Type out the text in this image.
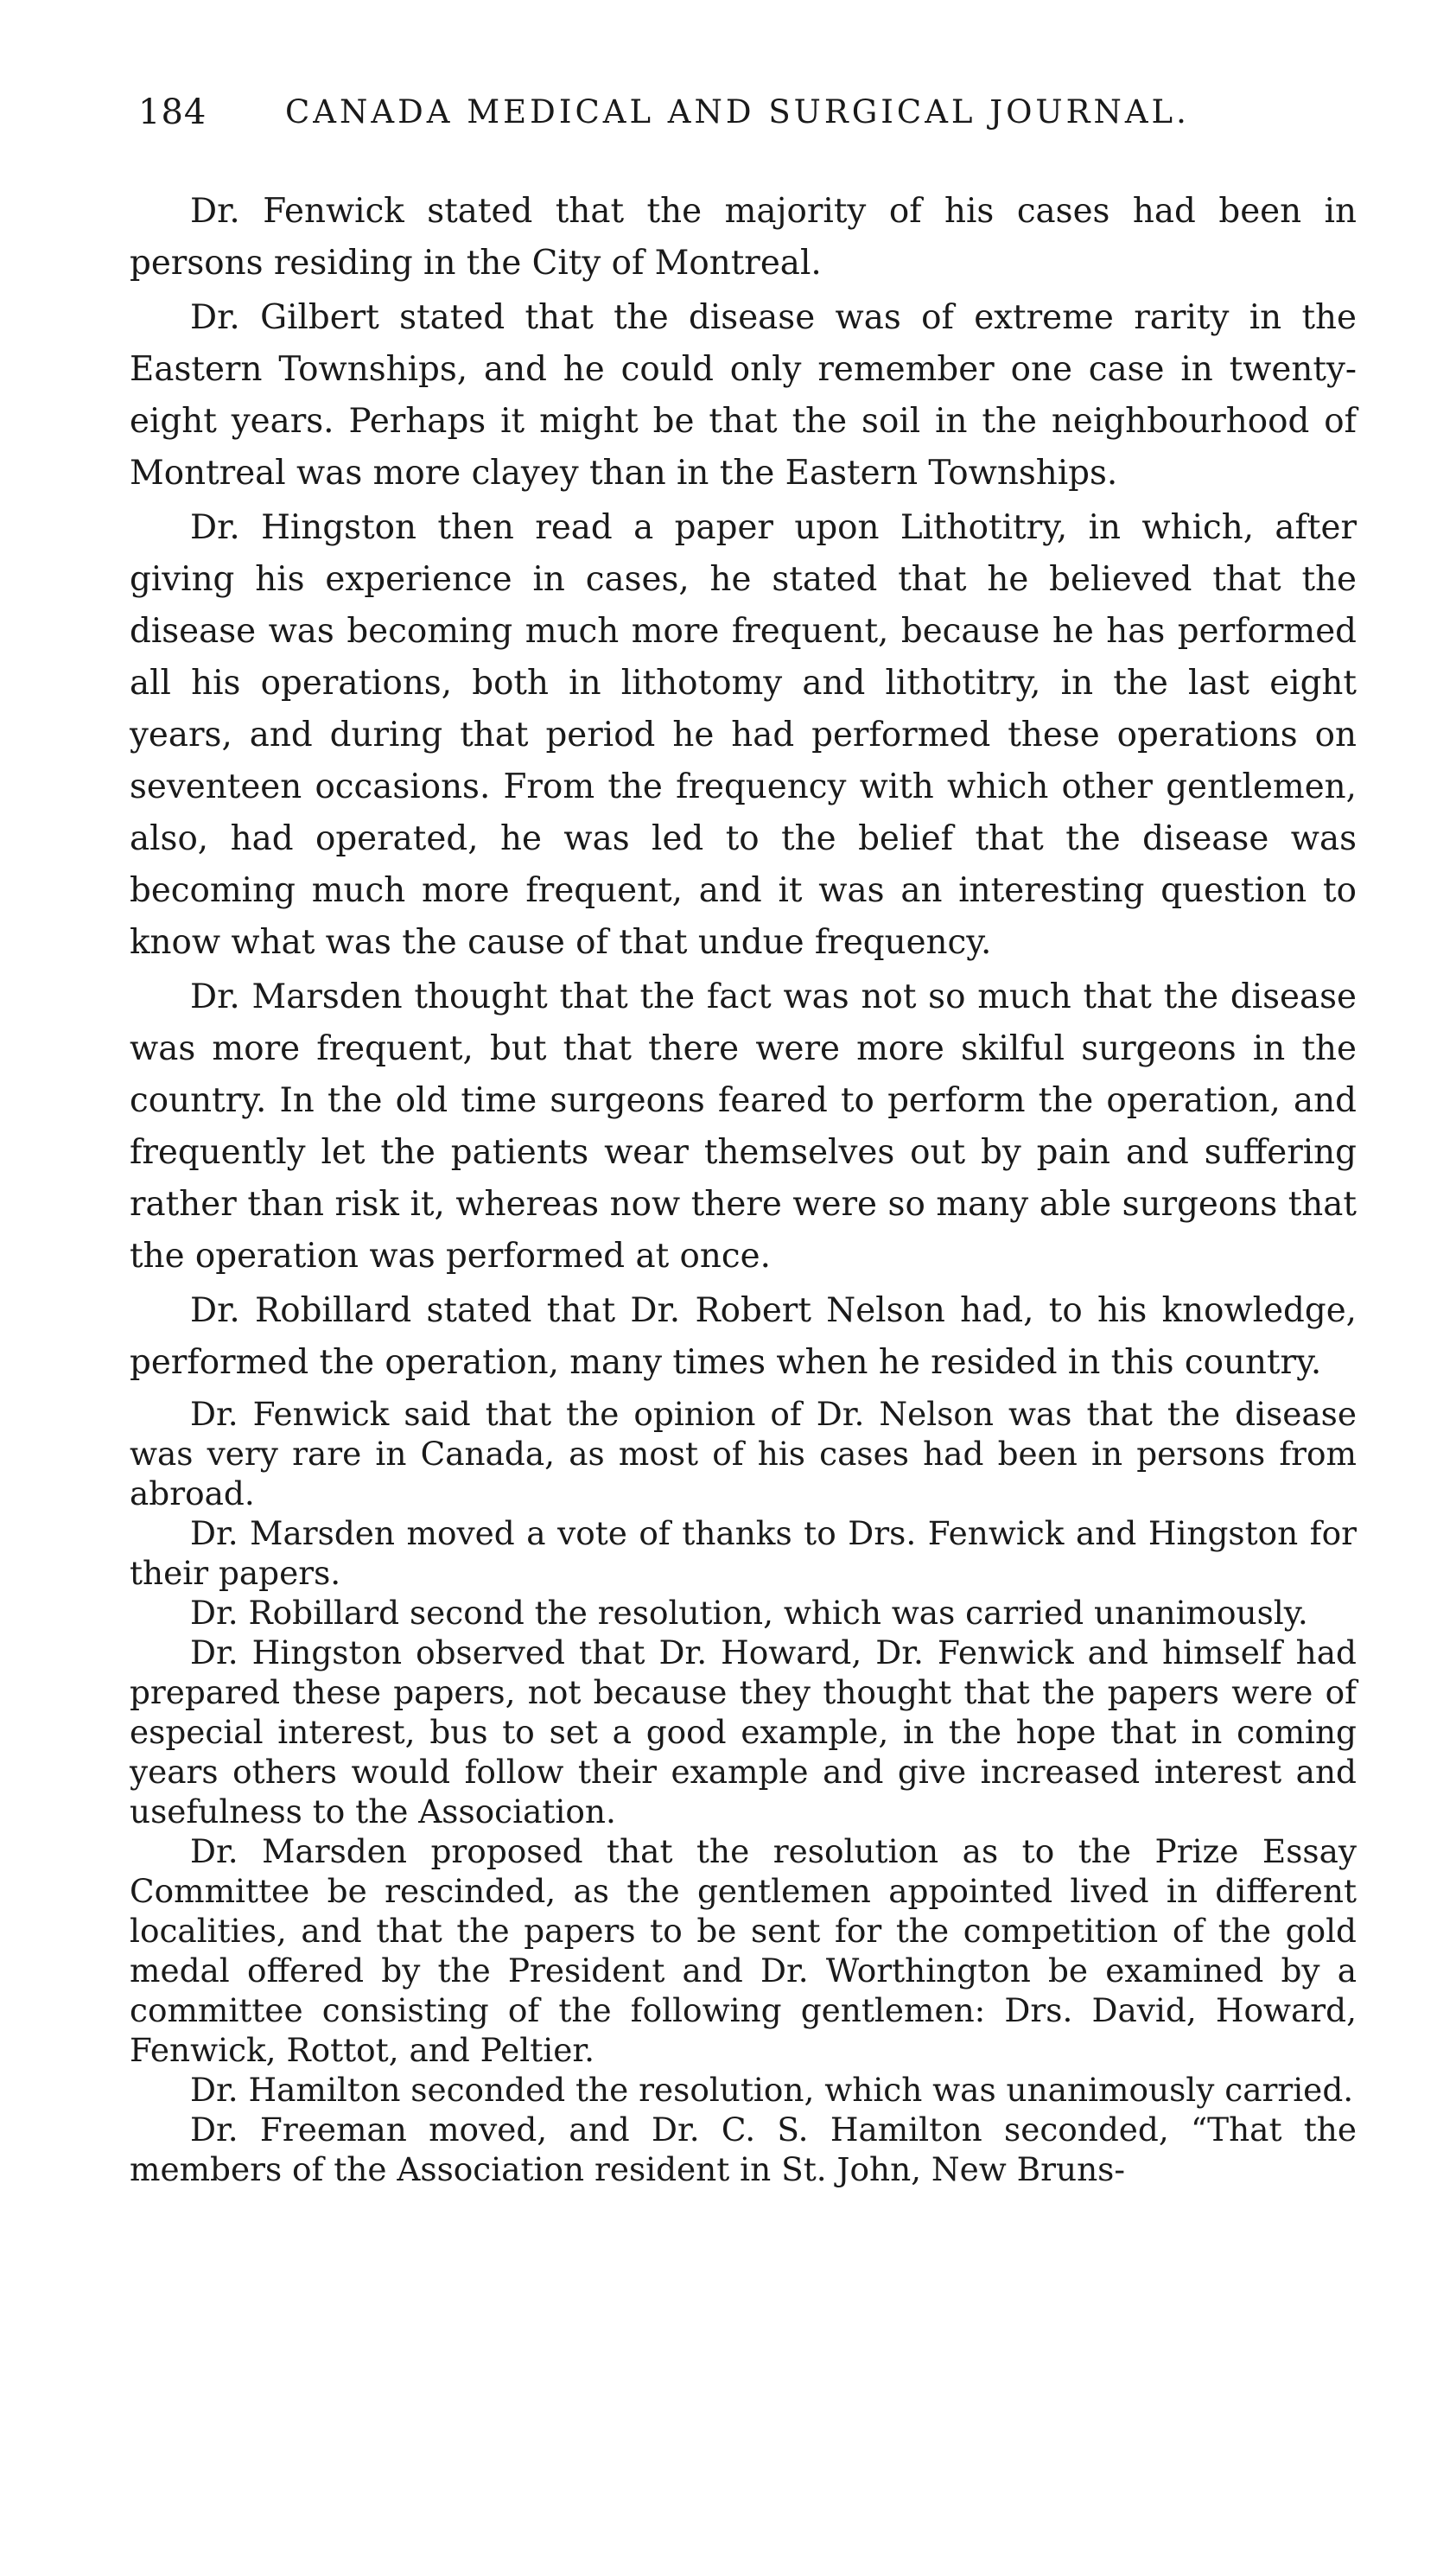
184 CANADA MEDICAL AND SURGICAL JOURNAL.

Dr. Fenwick stated that the majority of his cases had been in persons residing in the City of Montreal.

Dr. Gilbert stated that the disease was of extreme rarity in the Eastern Townships, and he could only remember one case in twenty-eight years. Perhaps it might be that the soil in the neighbourhood of Montreal was more clayey than in the Eastern Townships.

Dr. Hingston then read a paper upon Lithotitry, in which, after giving his experience in cases, he stated that he believed that the disease was becoming much more frequent, because he has performed all his operations, both in lithotomy and lithotitry, in the last eight years, and during that period he had performed these operations on seventeen occasions. From the frequency with which other gentlemen, also, had operated, he was led to the belief that the disease was becoming much more frequent, and it was an interesting question to know what was the cause of that undue frequency.

Dr. Marsden thought that the fact was not so much that the disease was more frequent, but that there were more skilful surgeons in the country. In the old time surgeons feared to perform the operation, and frequently let the patients wear themselves out by pain and suffering rather than risk it, whereas now there were so many able surgeons that the operation was performed at once.

Dr. Robillard stated that Dr. Robert Nelson had, to his knowledge, performed the operation, many times when he resided in this country.

Dr. Fenwick said that the opinion of Dr. Nelson was that the disease was very rare in Canada, as most of his cases had been in persons from abroad.

Dr. Marsden moved a vote of thanks to Drs. Fenwick and Hingston for their papers.

Dr. Robillard second the resolution, which was carried unanimously.

Dr. Hingston observed that Dr. Howard, Dr. Fenwick and himself had prepared these papers, not because they thought that the papers were of especial interest, bus to set a good example, in the hope that in coming years others would follow their example and give increased interest and usefulness to the Association.

Dr. Marsden proposed that the resolution as to the Prize Essay Committee be rescinded, as the gentlemen appointed lived in different localities, and that the papers to be sent for the competition of the gold medal offered by the President and Dr. Worthington be examined by a committee consisting of the following gentlemen: Drs. David, Howard, Fenwick, Rottot, and Peltier.

Dr. Hamilton seconded the resolution, which was unanimously carried.

Dr. Freeman moved, and Dr. C. S. Hamilton seconded, “That the members of the Association resident in St. John, New Bruns-
